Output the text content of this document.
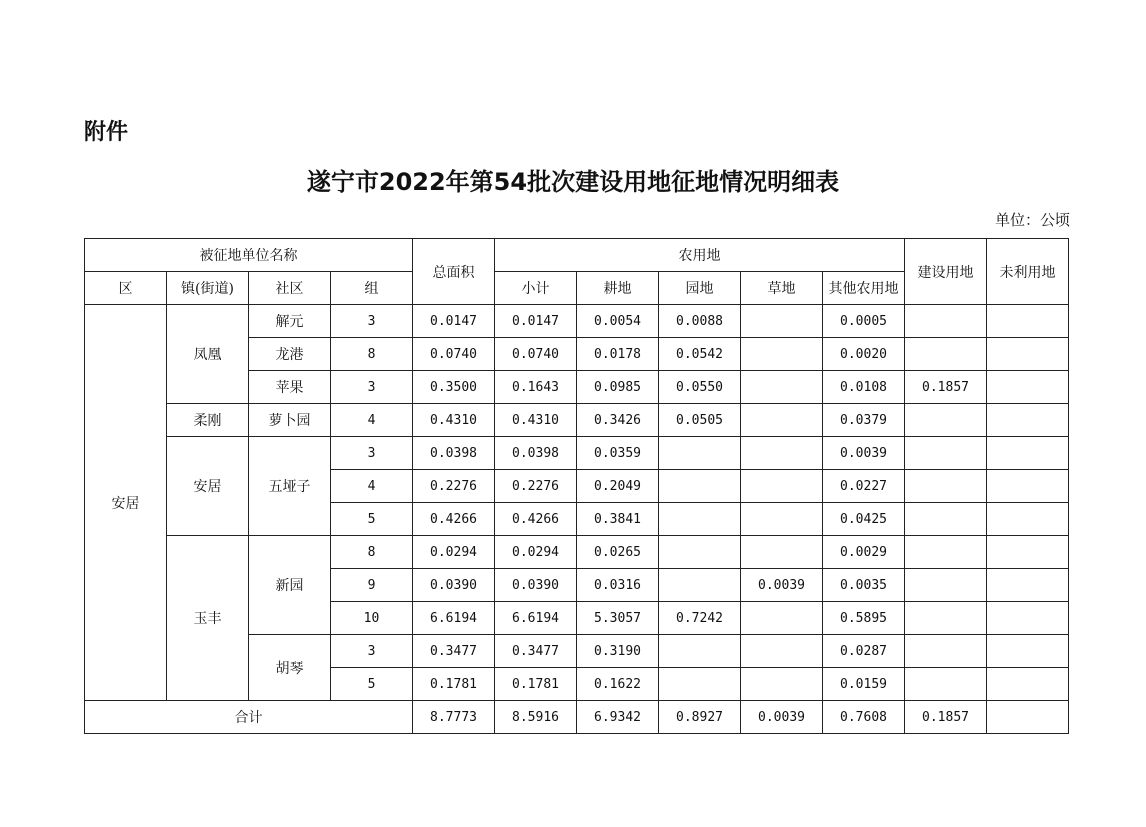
附件
遂宁市2022年第54批次建设用地征地情况明细表
单位：公顷
被征地单位名称				总面积	农用地					建设用地	未利用地
区	镇(街道)	社区	组		小计	耕地	园地	草地	其他农用地		
安居	凤凰	解元	3	0.0147	0.0147	0.0054	0.0088		0.0005		
		龙港	8	0.0740	0.0740	0.0178	0.0542		0.0020		
		苹果	3	0.3500	0.1643	0.0985	0.0550		0.0108	0.1857	
	柔刚	萝卜园	4	0.4310	0.4310	0.3426	0.0505		0.0379		
	安居	五垭子	3	0.0398	0.0398	0.0359			0.0039		
			4	0.2276	0.2276	0.2049			0.0227		
			5	0.4266	0.4266	0.3841			0.0425		
	玉丰	新园	8	0.0294	0.0294	0.0265			0.0029		
			9	0.0390	0.0390	0.0316		0.0039	0.0035		
			10	6.6194	6.6194	5.3057	0.7242		0.5895		
		胡琴	3	0.3477	0.3477	0.3190			0.0287		
			5	0.1781	0.1781	0.1622			0.0159		
合计				8.7773	8.5916	6.9342	0.8927	0.0039	0.7608	0.1857	
